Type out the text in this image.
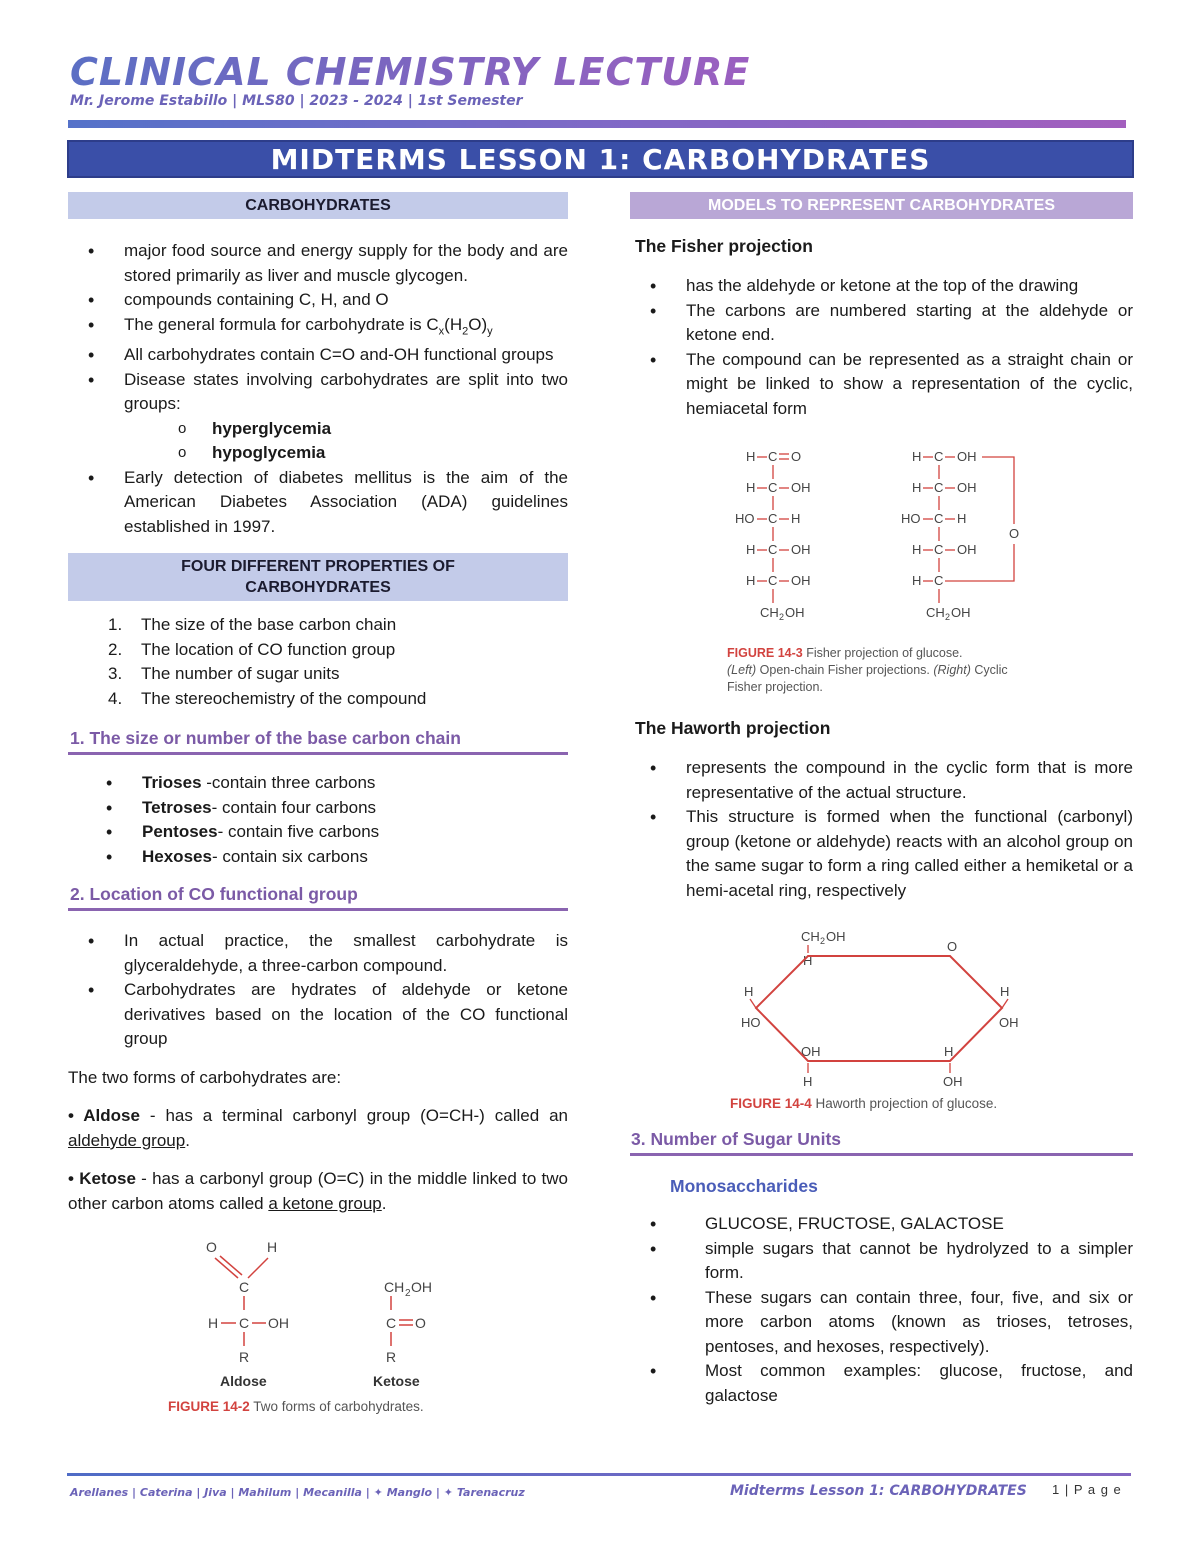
CLINICAL CHEMISTRY LECTURE
Mr. Jerome Estabillo | MLS80 | 2023 - 2024 | 1st Semester
MIDTERMS LESSON 1: CARBOHYDRATES
CARBOHYDRATES
• major food source and energy supply for the body and are stored primarily as liver and muscle glycogen.
• compounds containing C, H, and O
• The general formula for carbohydrate is $C_x(H_2O)_y$
• All carbohydrates contain C=O and-OH functional groups
• Disease states involving carbohydrates are split into two groups:
o hyperglycemia
o hypoglycemia
• Early detection of diabetes mellitus is the aim of the American Diabetes Association (ADA) guidelines established in 1997.
FOUR DIFFERENT PROPERTIES OF CARBOHYDRATES
1. The size of the base carbon chain
2. The location of CO function group
3. The number of sugar units
4. The stereochemistry of the compound
1. The size or number of the base carbon chain
• Trioses -contain three carbons
• Tetroses- contain four carbons
• Pentoses- contain five carbons
• Hexoses- contain six carbons
2. Location of CO functional group
• In actual practice, the smallest carbohydrate is glyceraldehyde, a three-carbon compound.
• Carbohydrates are hydrates of aldehyde or ketone derivatives based on the location of the CO functional group
The two forms of carbohydrates are:
• Aldose - has a terminal carbonyl group (O=CH-) called an aldehyde group.
• Ketose - has a carbonyl group (O=C) in the middle linked to two other carbon atoms called a ketone group.
O	H
C
H C OH
R
Aldose
CH 2 OH
C O
R
Ketose
FIGURE 14-2 Two forms of carbohydrates.
MODELS TO REPRESENT CARBOHYDRATES
The Fisher projection
• has the aldehyde or ketone at the top of the drawing
• The carbons are numbered starting at the aldehyde or ketone end.
• The compound can be represented as a straight chain or might be linked to show a representation of the cyclic, hemiacetal form
H C O
H C OH
HO C H
H C OH
H C OH
CH 2 OH
H C OH
H C OH
HO C H
H C OH
H C
CH 2 OH
O
FIGURE 14-3 Fisher projection of glucose.
(Left) Open-chain Fisher projections. (Right) Cyclic Fisher projection.
The Haworth projection
• represents the compound in the cyclic form that is more representative of the actual structure.
• This structure is formed when the functional (carbonyl) group (ketone or aldehyde) reacts with an alcohol group on the same sugar to form a ring called either a hemiketal or a hemi-acetal ring, respectively
CH 2 OH
H
O
H
HO
H
OH
OH
H
H
OH
FIGURE 14-4 Haworth projection of glucose.
3. Number of Sugar Units
Monosaccharides
• GLUCOSE, FRUCTOSE, GALACTOSE
• simple sugars that cannot be hydrolyzed to a simpler form.
• These sugars can contain three, four, five, and six or more carbon atoms (known as trioses, tetroses, pentoses, and hexoses, respectively).
• Most common examples: glucose, fructose, and galactose
Arellanes | Caterina | Jiva | Mahilum | Mecanilla | ✦ Manglo | ✦ Tarenacruz	Midterms Lesson 1: CARBOHYDRATES 1 | P a g e
